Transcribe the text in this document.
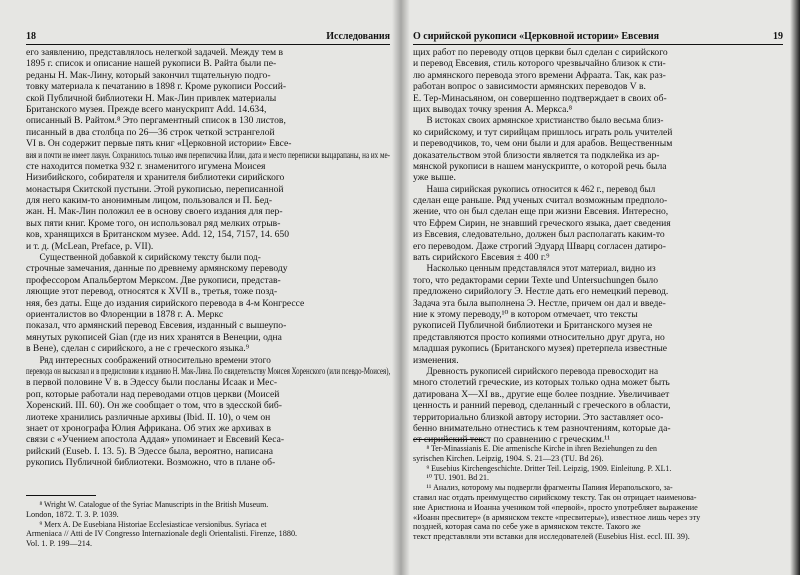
18	Исследования
его заявлению, представлялось нелегкой задачей. Между тем в
1895 г. список и описание нашей рукописи В. Райта были пе-
реданы Н. Мак-Лину, который закончил тщательную подго-
товку материала к печатанию в 1898 г. Кроме рукописи Россий-
ской Публичной библиотеки Н. Мак-Лин привлек материалы
Британского музея. Прежде всего манускрипт Add. 14.634,
описанный В. Райтом.⁸ Это пергаментный список в 130 листов,
писанный в два столбца по 26—36 строк четкой эстрангелой
VI в. Он содержит первые пять книг «Церковной истории» Евсе-
вия и почти не имеет лакун. Сохранилось только имя переписчика Илии, дата и место переписки выцарапаны, на их ме-
сте находится пометка 932 г. знаменитого игумена Моисея
Низибийского, собирателя и хранителя библиотеки сирийского
монастыря Скитской пустыни. Этой рукописью, переписанной
для него каким-то анонимным лицом, пользовался и П. Бед-
жан. Н. Мак-Лин положил ее в основу своего издания для пер-
вых пяти книг. Кроме того, он использовал ряд мелких отрыв-
ков, хранящихся в Британском музее. Add. 12, 154, 7157, 14. 650
и т. д. (McLean, Preface, p. VII).
Существенной добавкой к сирийскому тексту были под-
строчные замечания, данные по древнему армянскому переводу
профессором Апальбертом Мерксом. Две рукописи, представ-
ляющие этот перевод, относятся к XVII в., третья, тоже позд-
няя, без даты. Еще до издания сирийского перевода в 4-м Конгрессе
ориенталистов во Флоренции в 1878 г. А. Меркс
показал, что армянский перевод Евсевия, изданный с вышеупо-
мянутых рукописей Gian (где из них хранятся в Венеции, одна
в Вене), сделан с сирийского, а не с греческого языка.⁹
Ряд интересных соображений относительно времени этого
перевода он высказал и в предисловии к изданию Н. Мак-Лина. По свидетельству Моисея Хоренского (или псевдо-Моисея),
в первой половине V в. в Эдессу были посланы Исаак и Мес-
роп, которые работали над переводами отцов церкви (Моисей
Хоренский. III. 60). Он же сообщает о том, что в эдесской биб-
лиотеке хранились различные архивы (Ibid. II. 10), о чем он
знает от хронографа Юлия Африкана. Об этих же архивах в
связи с «Учением апостола Аддая» упоминает и Евсевий Кеса-
рийский (Euseb. I. 13. 5). В Эдессе была, вероятно, написана
рукопись Публичной библиотеки. Возможно, что в плане об-
⁸ Wright W. Catalogue of the Syriac Manuscripts in the British Museum.
London, 1872. T. 3. P. 1039.
⁹ Merx A. De Eusebiana Historiae Ecclesiasticae versionibus. Syriaca et
Armeniaca // Atti de IV Congresso Internazionale degli Orientalisti. Firenze, 1880.
Vol. 1. P. 199—214.
О сирийской рукописи «Церковной истории» Евсевия	19
щих работ по переводу отцов церкви был сделан с сирийского
и перевод Евсевия, стиль которого чрезвычайно близок к сти-
лю армянского перевода этого времени Афраата. Так, как раз-
работан вопрос о зависимости армянских переводов V в.
Е. Тер-Минасьяном, он совершенно подтверждает в своих об-
щих выводах точку зрения А. Меркса.⁸
В истоках своих армянское христианство было весьма близ-
ко сирийскому, и тут сирийцам пришлось играть роль учителей
и переводчиков, то, чем они были и для арабов. Вещественным
доказательством этой близости является та подклейка из ар-
мянской рукописи в нашем манускрипте, о которой речь была
уже выше.
Наша сирийская рукопись относится к 462 г., перевод был
сделан еще раньше. Ряд ученых считал возможным предполо-
жение, что он был сделан еще при жизни Евсевия. Интересно,
что Ефрем Сирин, не знавший греческого языка, дает сведения
из Евсевия, следовательно, должен был располагать каким-то
его переводом. Даже строгий Эдуард Шварц согласен датиро-
вать сирийского Евсевия ± 400 г.⁹
Насколько ценным представлялся этот материал, видно из
того, что редакторами серии Texte und Untersuchungen было
предложено сирийологу Э. Нестле дать его немецкий перевод.
Задача эта была выполнена Э. Нестле, причем он дал и введе-
ние к этому переводу,¹⁰ в котором отмечает, что тексты
рукописей Публичной библиотеки и Британского музея не
представляются просто копиями относительно друг друга, но
младшая рукопись (Британского музея) претерпела известные
изменения.
Древность рукописей сирийского перевода превосходит на
много столетий греческие, из которых только одна может быть
датирована X—XI вв., другие еще более поздние. Увеличивает
ценность и ранний перевод, сделанный с греческого в области,
территориально близкой автору истории. Это заставляет осо-
бенно внимательно отнестись к тем разночтениям, которые да-
ет сирийский текст по сравнению с греческим.¹¹
⁸ Ter-Minassianis E. Die armenische Kirche in ihren Beziehungen zu den
syrischen Kirchen. Leipzig, 1904. S. 21—23 (TU. Bd 26).
⁹ Eusebius Kirchengeschichte. Dritter Teil. Leipzig, 1909. Einleitung. P. XL1.
¹⁰ TU. 1901. Bd 21.
¹¹ Анализ, которому мы подвергли фрагменты Папиия Иерапольского, за-
ставил нас отдать преимущество сирийскому тексту. Так он отрицает наименова-
ние Аристиона и Иоанна учеником той «первой», просто употребляет выражение
«Иоанн пресвитер» (в армянском тексте «пресвитеры»), известное лишь через эту
поздней, которая сама по себе уже в армянском тексте. Такого же
текст представляли эти вставки для исследователей (Eusebius Hist. eccl. III. 39).
